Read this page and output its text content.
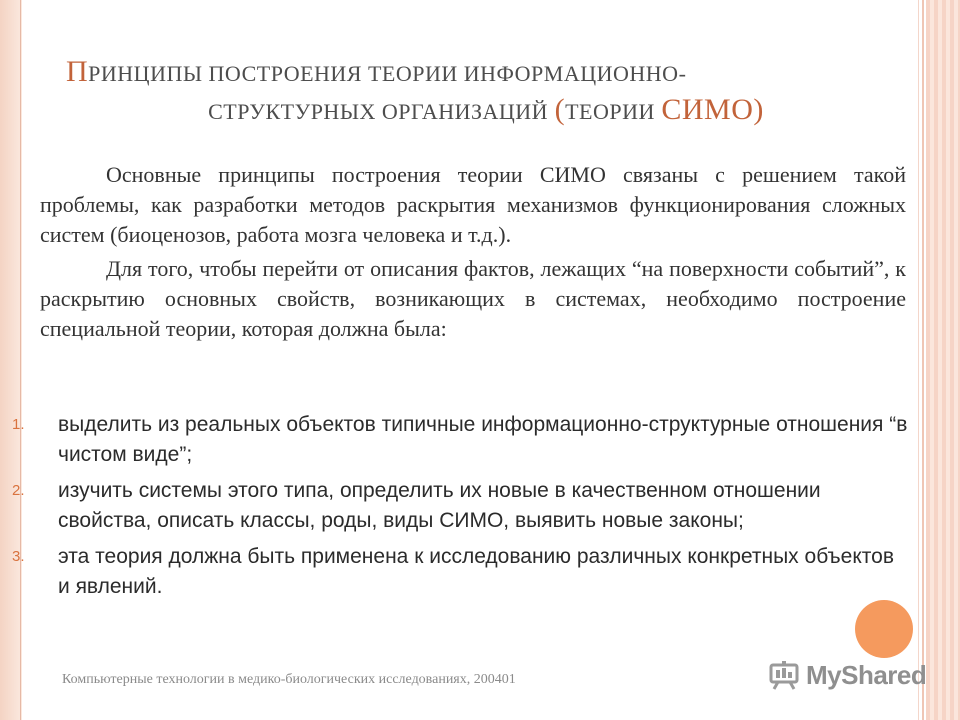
ПРИНЦИПЫ ПОСТРОЕНИЯ ТЕОРИИ ИНФОРМАЦИОННО-
СТРУКТУРНЫХ ОРГАНИЗАЦИЙ (ТЕОРИИ СИМО)

Основные принципы построения теории СИМО связаны с решением такой проблемы, как разработки методов раскрытия механизмов функционирования сложных систем (биоценозов, работа мозга человека и т.д.).

Для того, чтобы перейти от описания фактов, лежащих “на поверхности событий”, к раскрытию основных свойств, возникающих в системах, необходимо построение специальной теории, которая должна была:

1. выделить из реальных объектов типичные информационно-структурные отношения “в чистом виде”;
2. изучить системы этого типа, определить их новые в качественном отношении свойства, описать классы, роды, виды СИМО, выявить новые законы;
3. эта теория должна быть применена к исследованию различных конкретных объектов и явлений.
Компьютерные технологии в медико-биологических исследованиях, 200401	MyShared
